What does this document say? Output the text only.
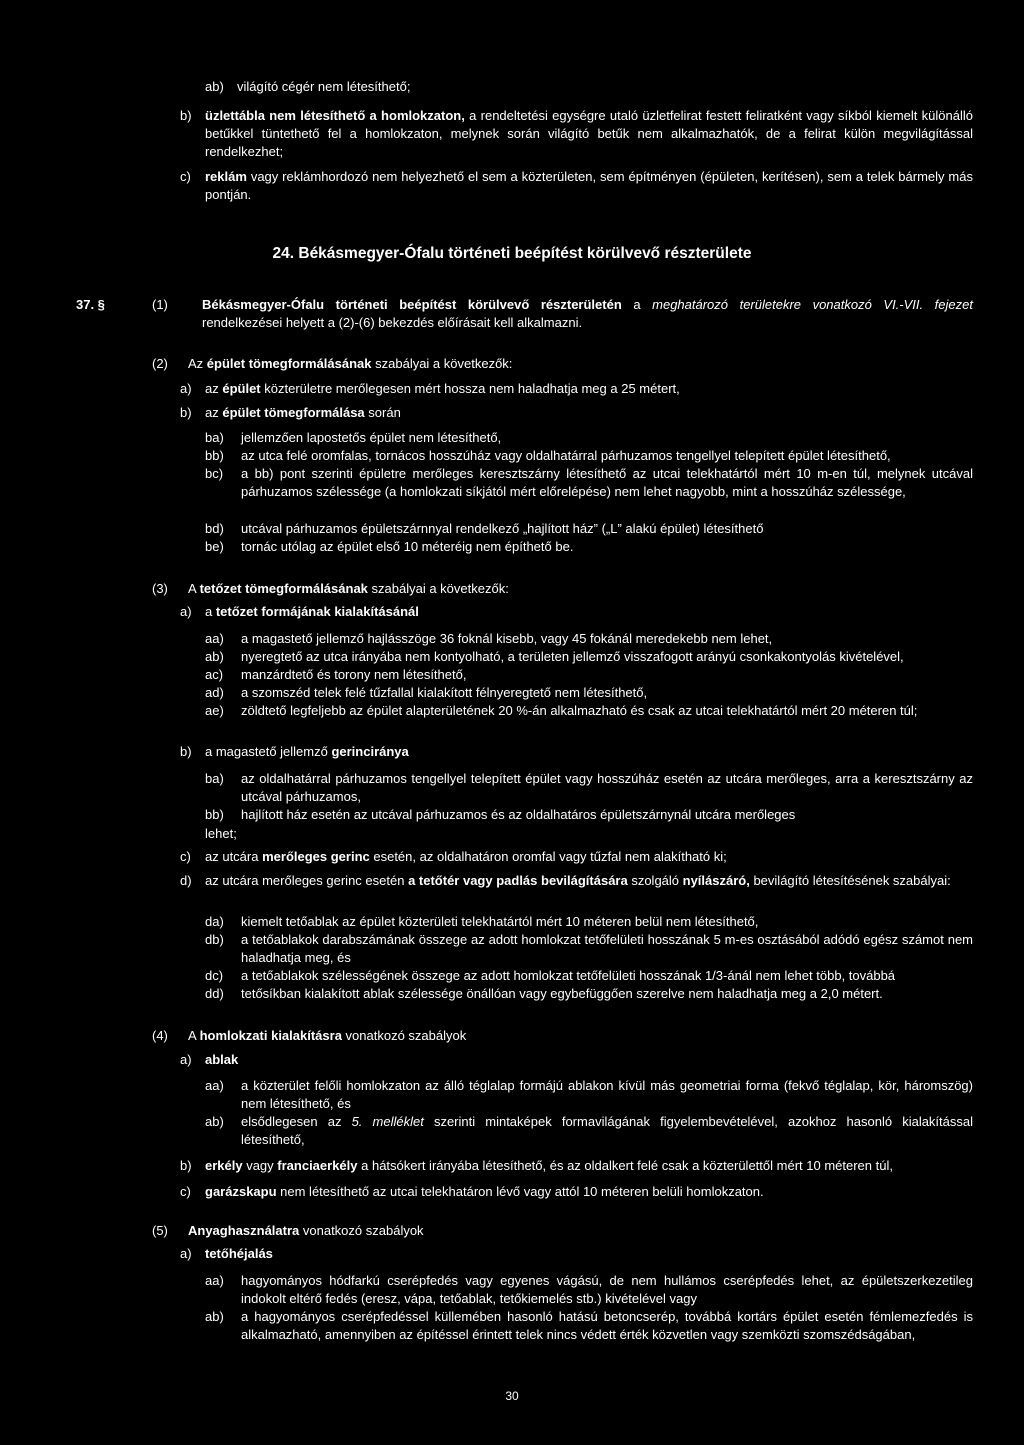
ab)	világító cégér nem létesíthető;
b)	üzlettábla nem létesíthető a homlokzaton, a rendeltetési egységre utaló üzletfelirat festett feliratként vagy síkból kiemelt különálló betűkkel tüntethető fel a homlokzaton, melynek során világító betűk nem alkalmazhatók, de a felirat külön megvilágítással rendelkezhet;
c)	reklám vagy reklámhordozó nem helyezhető el sem a közterületen, sem építményen (épületen, kerítésen), sem a telek bármely más pontján.
24. Békásmegyer-Ófalu történeti beépítést körülvevő részterülete
37. §	(1)	Békásmegyer-Ófalu történeti beépítést körülvevő részterületén a meghatározó területekre vonatkozó VI.-VII. fejezet rendelkezései helyett a (2)-(6) bekezdés előírásait kell alkalmazni.
(2)	Az épület tömegformálásának szabályai a következők:
a)	az épület közterületre merőlegesen mért hossza nem haladhatja meg a 25 métert,
b)	az épület tömegformálása során
ba)	jellemzően lapostetős épület nem létesíthető,
bb)	az utca felé oromfalas, tornácos hosszúház vagy oldalhatárral párhuzamos tengellyel telepített épület létesíthető,
bc)	a bb) pont szerinti épületre merőleges keresztszárny létesíthető az utcai telekhatártól mért 10 m-en túl, melynek utcával párhuzamos szélessége (a homlokzati síkjától mért előrelépése) nem lehet nagyobb, mint a hosszúház szélessége,
bd)	utcával párhuzamos épületszárnnyal rendelkező „hajlított ház” („L” alakú épület) létesíthető
be)	tornác utólag az épület első 10 méteréig nem építhető be.
(3)	A tetőzet tömegformálásának szabályai a következők:
a)	a tetőzet formájának kialakításánál
aa)	a magastető jellemző hajlásszöge 36 foknál kisebb, vagy 45 fokánál meredekebb nem lehet,
ab)	nyeregtető az utca irányába nem kontyolható, a területen jellemző visszafogott arányú csonkakontyolás kivételével,
ac)	manzárdtető és torony nem létesíthető,
ad)	a szomszéd telek felé tűzfallal kialakított félnyeregtető nem létesíthető,
ae)	zöldtető legfeljebb az épület alapterületének 20 %-án alkalmazható és csak az utcai telekhatártól mért 20 méteren túl;
b)	a magastető jellemző gerinciránya
ba)	az oldalhatárral párhuzamos tengellyel telepített épület vagy hosszúház esetén az utcára merőleges, arra a keresztszárny az utcával párhuzamos,
bb)	hajlított ház esetén az utcával párhuzamos és az oldalhatáros épületszárnynál utcára merőleges
lehet;
c)	az utcára merőleges gerinc esetén, az oldalhatáron oromfal vagy tűzfal nem alakítható ki;
d)	az utcára merőleges gerinc esetén a tetőtér vagy padlás bevilágítására szolgáló nyílászáró, bevilágító létesítésének szabályai:
da)	kiemelt tetőablak az épület közterületi telekhatártól mért 10 méteren belül nem létesíthető,
db)	a tetőablakok darabszámának összege az adott homlokzat tetőfelületi hosszának 5 m-es osztásából adódó egész számot nem haladhatja meg, és
dc)	a tetőablakok szélességének összege az adott homlokzat tetőfelületi hosszának 1/3-ánál nem lehet több, továbbá
dd)	tetősíkban kialakított ablak szélessége önállóan vagy egybefüggően szerelve nem haladhatja meg a 2,0 métert.
(4)	A homlokzati kialakításra vonatkozó szabályok
a)	ablak
aa)	a közterület felőli homlokzaton az álló téglalap formájú ablakon kívül más geometriai forma (fekvő téglalap, kör, háromszög) nem létesíthető, és
ab)	elsődlegesen az 5. melléklet szerinti mintaképek formavilágának figyelembevételével, azokhoz hasonló kialakítással létesíthető,
b)	erkély vagy franciaerkély a hátsókert irányába létesíthető, és az oldalkert felé csak a közterülettől mért 10 méteren túl,
c)	garázskapu nem létesíthető az utcai telekhatáron lévő vagy attól 10 méteren belüli homlokzaton.
(5)	Anyaghasználatra vonatkozó szabályok
a)	tetőhéjalás
aa)	hagyományos hódfarkú cserépfedés vagy egyenes vágású, de nem hullámos cserépfedés lehet, az épületszerkezetileg indokolt eltérő fedés (eresz, vápa, tetőablak, tetőkiemelés stb.) kivételével vagy
ab)	a hagyományos cserépfedéssel küllemében hasonló hatású betoncserép, továbbá kortárs épület esetén fémlemezfedés is alkalmazható, amennyiben az építéssel érintett telek nincs védett érték közvetlen vagy szemközti szomszédságában,
30
